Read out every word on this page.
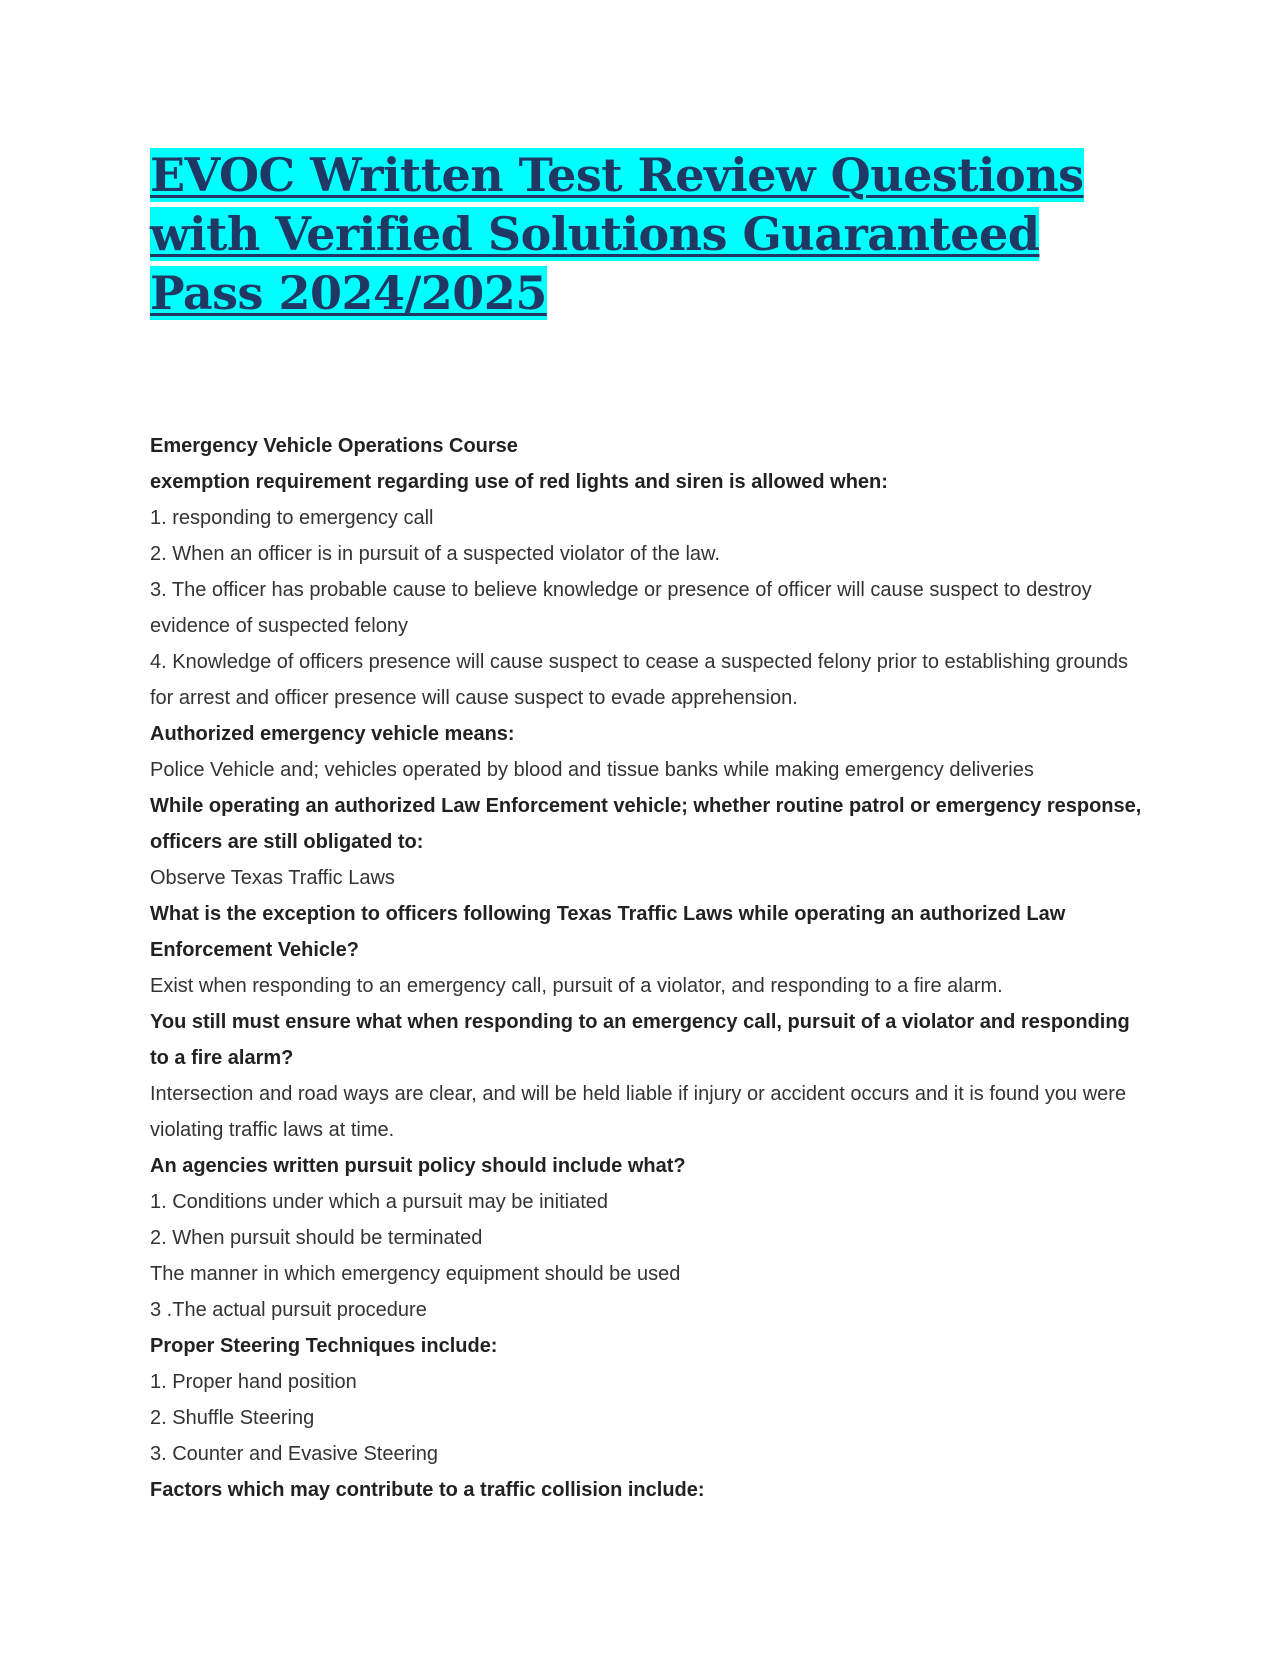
EVOC Written Test Review Questions with Verified Solutions Guaranteed Pass 2024/2025

Emergency Vehicle Operations Course

exemption requirement regarding use of red lights and siren is allowed when:

1. responding to emergency call

2. When an officer is in pursuit of a suspected violator of the law.

3. The officer has probable cause to believe knowledge or presence of officer will cause suspect to destroy evidence of suspected felony

4. Knowledge of officers presence will cause suspect to cease a suspected felony prior to establishing grounds for arrest and officer presence will cause suspect to evade apprehension.

Authorized emergency vehicle means:

Police Vehicle and; vehicles operated by blood and tissue banks while making emergency deliveries

While operating an authorized Law Enforcement vehicle; whether routine patrol or emergency response, officers are still obligated to:

Observe Texas Traffic Laws

What is the exception to officers following Texas Traffic Laws while operating an authorized Law Enforcement Vehicle?

Exist when responding to an emergency call, pursuit of a violator, and responding to a fire alarm.

You still must ensure what when responding to an emergency call, pursuit of a violator and responding to a fire alarm?

Intersection and road ways are clear, and will be held liable if injury or accident occurs and it is found you were violating traffic laws at time.

An agencies written pursuit policy should include what?

1. Conditions under which a pursuit may be initiated

2. When pursuit should be terminated

The manner in which emergency equipment should be used

3 .The actual pursuit procedure

Proper Steering Techniques include:

1. Proper hand position

2. Shuffle Steering

3. Counter and Evasive Steering

Factors which may contribute to a traffic collision include:
